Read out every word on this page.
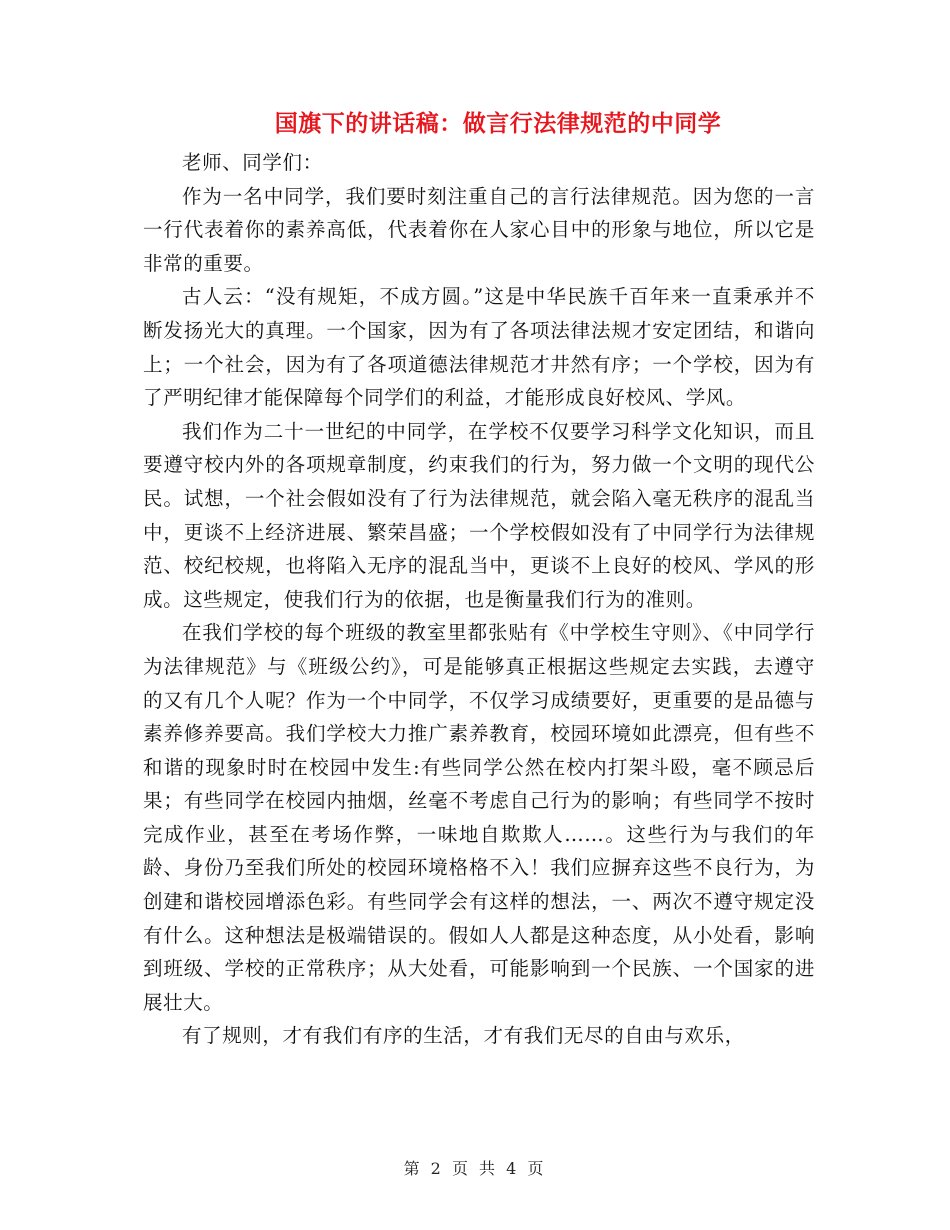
国旗下的讲话稿：做言行法律规范的中同学

老师、同学们：

作为一名中同学，我们要时刻注重自己的言行法律规范。因为您的一言一行代表着你的素养高低，代表着你在人家心目中的形象与地位，所以它是非常的重要。

古人云：“没有规矩，不成方圆。”这是中华民族千百年来一直秉承并不断发扬光大的真理。一个国家，因为有了各项法律法规才安定团结，和谐向上；一个社会，因为有了各项道德法律规范才井然有序；一个学校，因为有了严明纪律才能保障每个同学们的利益，才能形成良好校风、学风。

我们作为二十一世纪的中同学，在学校不仅要学习科学文化知识，而且要遵守校内外的各项规章制度，约束我们的行为，努力做一个文明的现代公民。试想，一个社会假如没有了行为法律规范，就会陷入毫无秩序的混乱当中，更谈不上经济进展、繁荣昌盛；一个学校假如没有了中同学行为法律规范、校纪校规，也将陷入无序的混乱当中，更谈不上良好的校风、学风的形成。这些规定，使我们行为的依据，也是衡量我们行为的准则。

在我们学校的每个班级的教室里都张贴有《中学校生守则》、《中同学行为法律规范》与《班级公约》，可是能够真正根据这些规定去实践，去遵守的又有几个人呢？作为一个中同学，不仅学习成绩要好，更重要的是品德与素养修养要高。我们学校大力推广素养教育，校园环境如此漂亮，但有些不和谐的现象时时在校园中发生:有些同学公然在校内打架斗殴，毫不顾忌后果；有些同学在校园内抽烟，丝毫不考虑自己行为的影响；有些同学不按时完成作业，甚至在考场作弊，一味地自欺欺人……。这些行为与我们的年龄、身份乃至我们所处的校园环境格格不入！我们应摒弃这些不良行为，为创建和谐校园增添色彩。有些同学会有这样的想法，一、两次不遵守规定没有什么。这种想法是极端错误的。假如人人都是这种态度，从小处看，影响到班级、学校的正常秩序；从大处看，可能影响到一个民族、一个国家的进展壮大。

有了规则，才有我们有序的生活，才有我们无尽的自由与欢乐，

第 2 页 共 4 页
